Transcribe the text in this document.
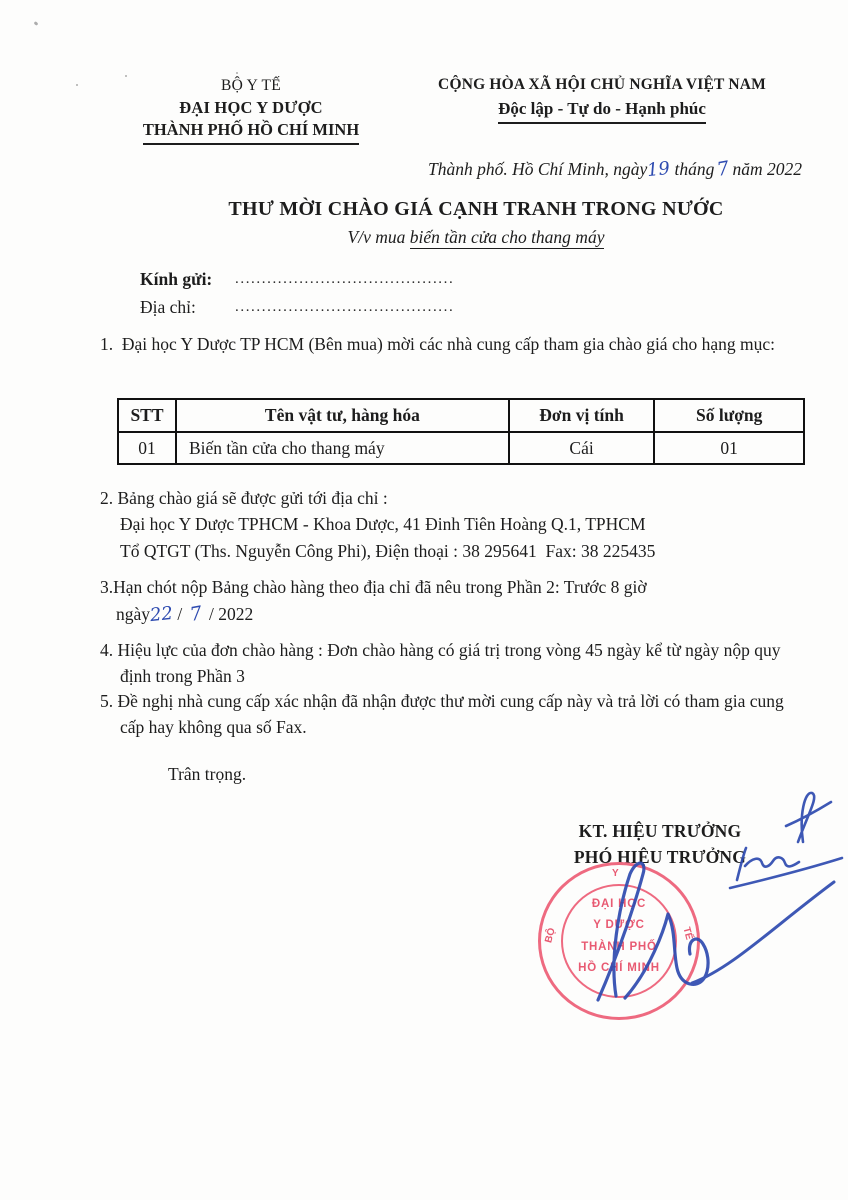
BỘ Y TẾ
ĐẠI HỌC Y DƯỢC
THÀNH PHỐ HỒ CHÍ MINH
CỘNG HÒA XÃ HỘI CHỦ NGHĨA VIỆT NAM
Độc lập - Tự do - Hạnh phúc
Thành phố. Hồ Chí Minh, ngày19 tháng7năm 2022
THƯ MỜI CHÀO GIÁ CẠNH TRANH TRONG NƯỚC
V/v mua biến tần cửa cho thang máy
Kính gửi:	.........................................
Địa chỉ:	.........................................
1.  Đại học Y Dược TP HCM (Bên mua) mời các nhà cung cấp tham gia chào giá cho hạng mục:
STT	Tên vật tư, hàng hóa	Đơn vị tính	Số lượng
01	Biến tần cửa cho thang máy	Cái	01
2. Bảng chào giá sẽ được gửi tới địa chỉ :
Đại học Y Dược TPHCM - Khoa Dược, 41 Đinh Tiên Hoàng Q.1, TPHCM
Tổ QTGT (Ths. Nguyễn Công Phi), Điện thoại : 38 295641  Fax: 38 225435
3.Hạn chót nộp Bảng chào hàng theo địa chỉ đã nêu trong Phần 2: Trước 8 giờ
ngày22 / 7 / 2022
4. Hiệu lực của đơn chào hàng : Đơn chào hàng có giá trị trong vòng 45 ngày kể từ ngày nộp quy định trong Phần 3
5. Đề nghị nhà cung cấp xác nhận đã nhận được thư mời cung cấp này và trả lời có tham gia cung cấp hay không qua số Fax.
Trân trọng.
KT. HIỆU TRƯỞNG
PHÓ HIỆU TRƯỞNG
Y
BỘ	TẾ
ĐẠI HỌC
Y DƯỢC
THÀNH PHỐ
HỒ CHÍ MINH
